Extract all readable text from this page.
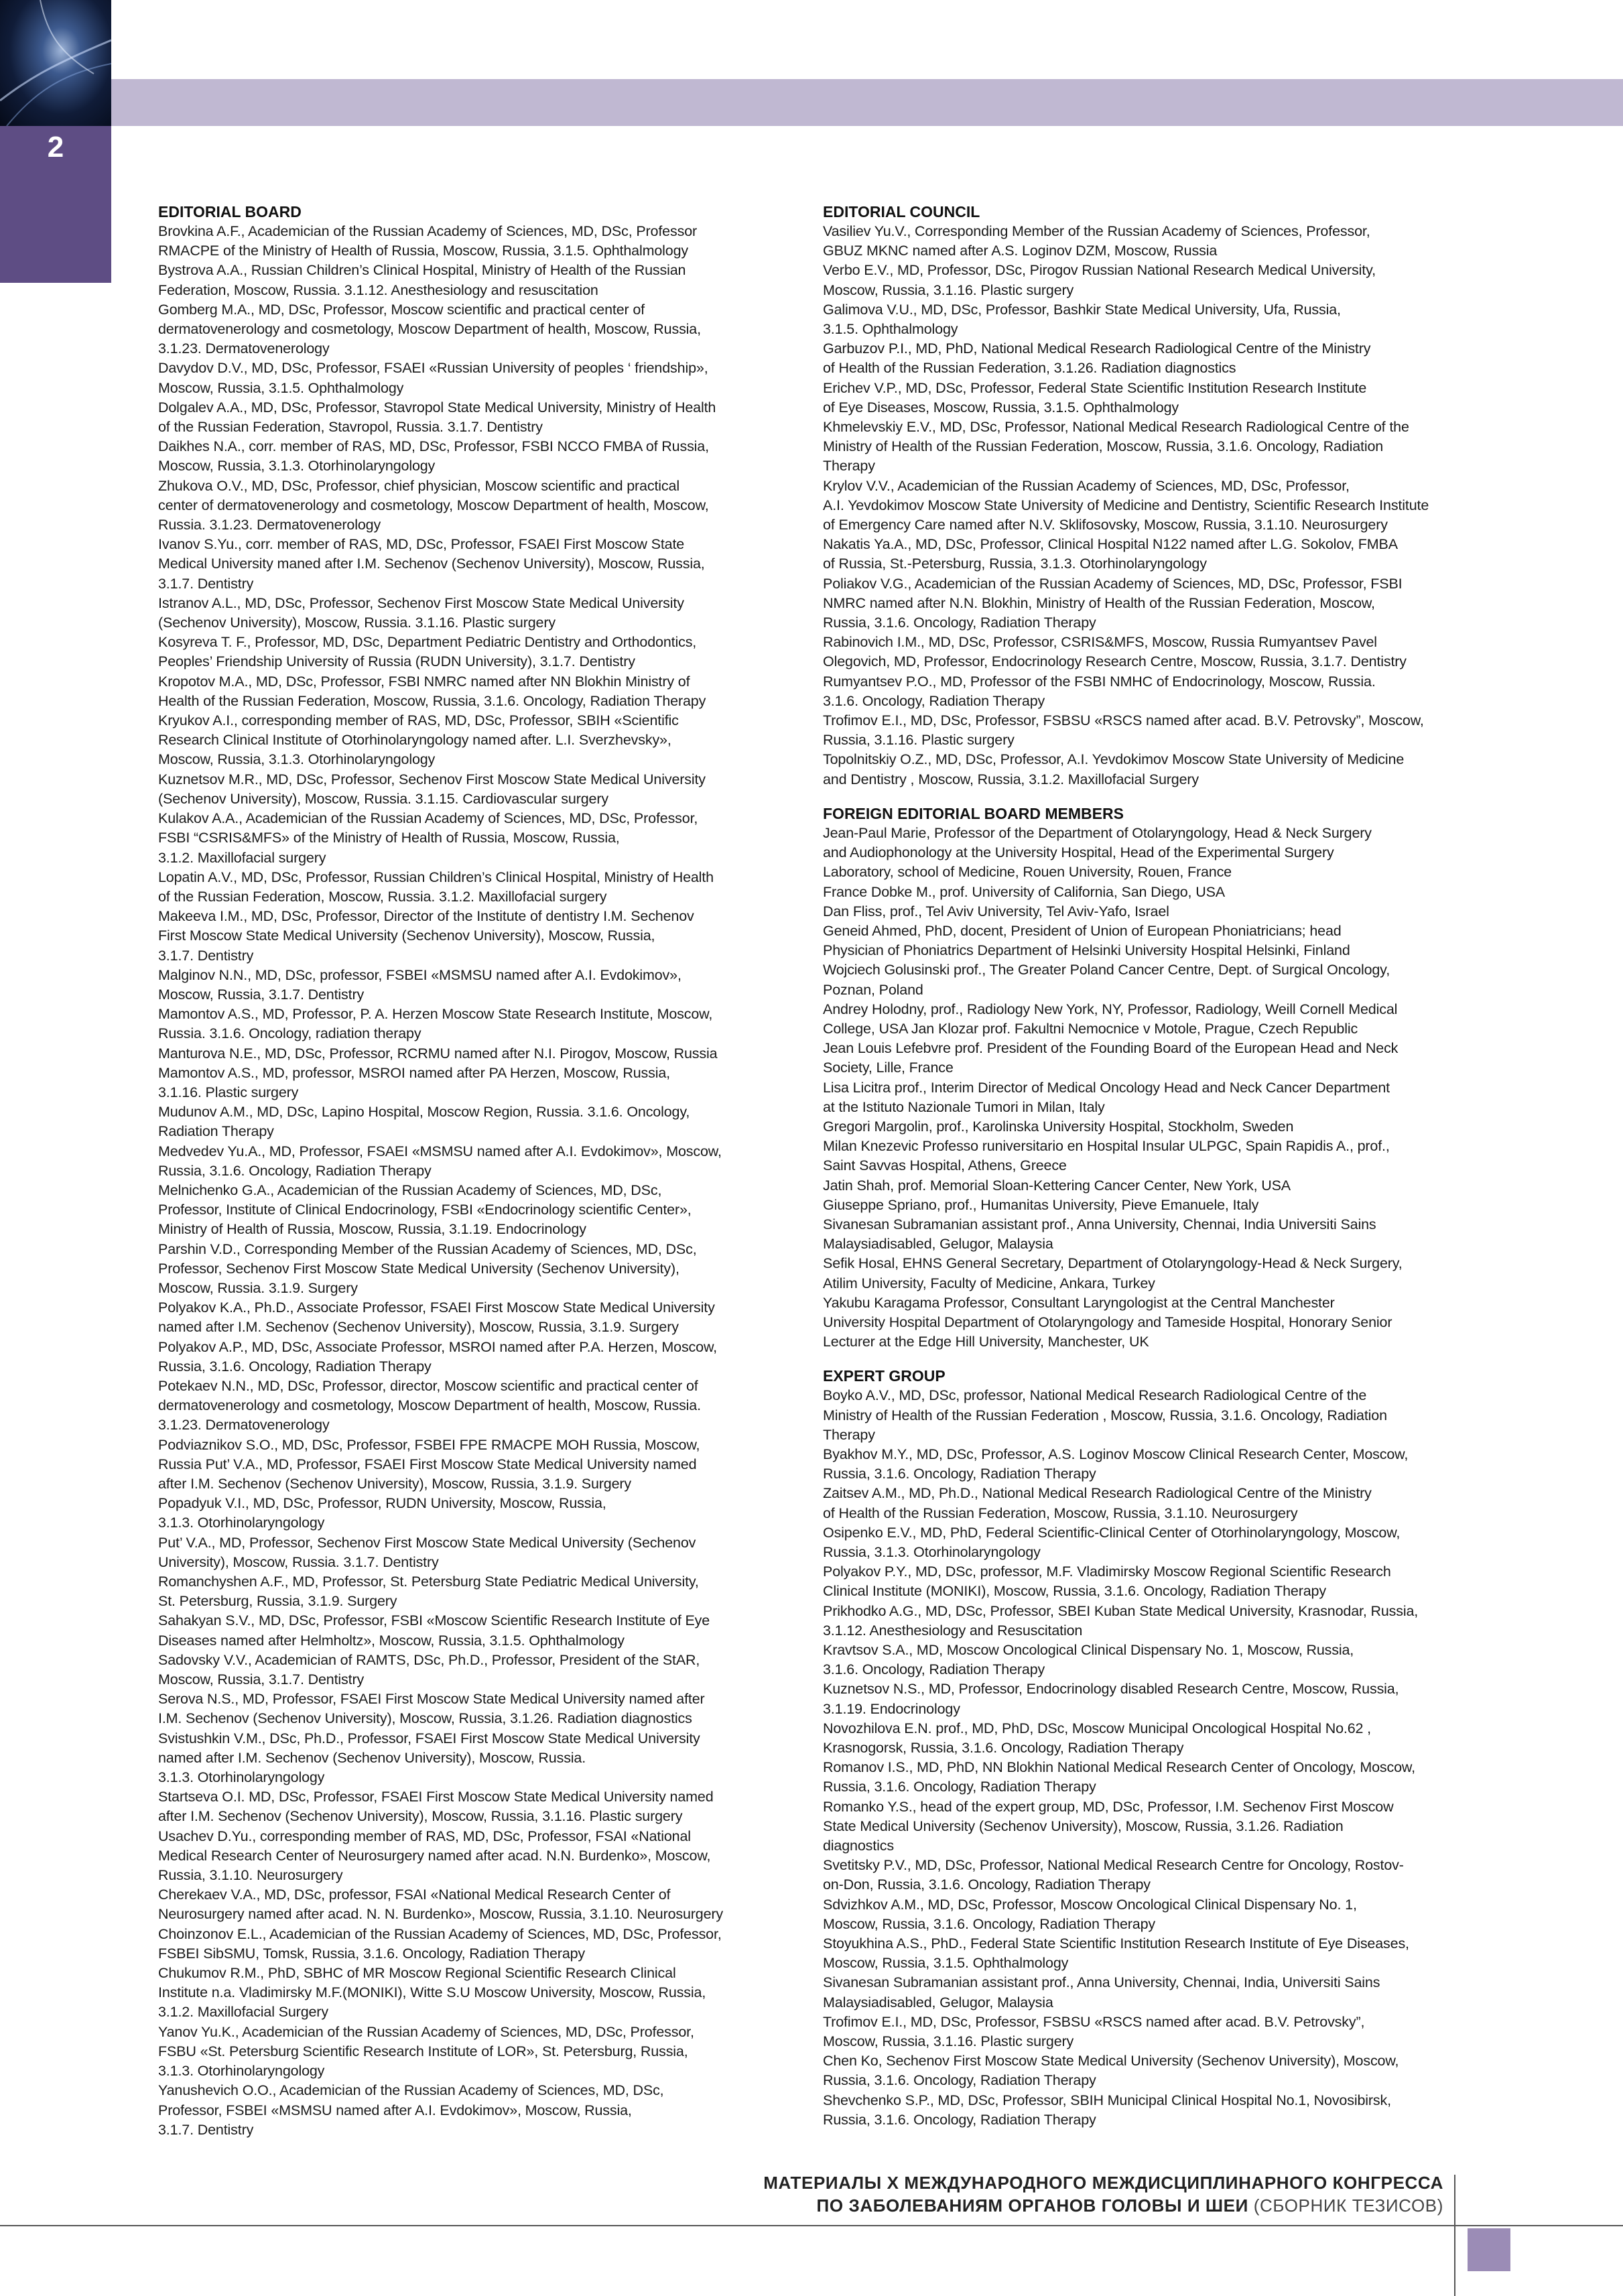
2

EDITORIAL BOARD

Brovkina A.F., Academician of the Russian Academy of Sciences, MD, DSc, Professor
RMACPE of the Ministry of Health of Russia, Moscow, Russia, 3.1.5. Ophthalmology

Bystrova A.A., Russian Children’s Clinical Hospital, Ministry of Health of the Russian
Federation, Moscow, Russia. 3.1.12. Anesthesiology and resuscitation

Gomberg M.A., MD, DSc, Professor, Moscow scientific and practical center of
dermatovenerology and cosmetology, Moscow Department of health, Moscow, Russia,
3.1.23. Dermatovenerology

Davydov D.V., MD, DSc, Professor, FSAEI «Russian University of peoples ‘ friendship»,
Moscow, Russia, 3.1.5. Ophthalmology

Dolgalev A.A., MD, DSc, Professor, Stavropol State Medical University, Ministry of Health
of the Russian Federation, Stavropol, Russia. 3.1.7. Dentistry

Daikhes N.A., corr. member of RAS, MD, DSc, Professor, FSBI NCCO FMBA of Russia,
Moscow, Russia, 3.1.3. Otorhinolaryngology

Zhukova O.V., MD, DSc, Professor, chief physician, Moscow scientific and practical
center of dermatovenerology and cosmetology, Moscow Department of health, Moscow,
Russia. 3.1.23. Dermatovenerology

Ivanov S.Yu., corr. member of RAS, MD, DSc, Professor, FSAEI First Moscow State
Medical University maned after I.M. Sechenov (Sechenov University), Moscow, Russia,
3.1.7. Dentistry

Istranov A.L., MD, DSc, Professor, Sechenov First Moscow State Medical University
(Sechenov University), Moscow, Russia. 3.1.16. Plastic surgery

Kosyreva T. F., Professor, MD, DSc, Department Pediatric Dentistry and Orthodontics,
Peoples’ Friendship University of Russia (RUDN University), 3.1.7. Dentistry

Kropotov M.A., MD, DSc, Professor, FSBI NMRC named after NN Blokhin Ministry of
Health of the Russian Federation, Moscow, Russia, 3.1.6. Oncology, Radiation Therapy

Kryukov A.I., corresponding member of RAS, MD, DSc, Professor, SBIH «Scientific
Research Clinical Institute of Otorhinolaryngology named after. L.I. Sverzhevsky»,
Moscow, Russia, 3.1.3. Otorhinolaryngology

Kuznetsov M.R., MD, DSc, Professor, Sechenov First Moscow State Medical University
(Sechenov University), Moscow, Russia. 3.1.15. Cardiovascular surgery

Kulakov A.A., Academician of the Russian Academy of Sciences, MD, DSc, Professor,
FSBI “CSRIS&MFS» of the Ministry of Health of Russia, Moscow, Russia,
3.1.2. Maxillofacial surgery

Lopatin A.V., MD, DSc, Professor, Russian Children’s Clinical Hospital, Ministry of Health
of the Russian Federation, Moscow, Russia. 3.1.2. Maxillofacial surgery

Makeeva I.M., MD, DSc, Professor, Director of the Institute of dentistry I.M. Sechenov
First Moscow State Medical University (Sechenov University), Moscow, Russia,
3.1.7. Dentistry

Malginov N.N., MD, DSc, professor, FSBEI «MSMSU named after A.I. Evdokimov»,
Moscow, Russia, 3.1.7. Dentistry

Mamontov A.S., MD, Professor, P. A. Herzen Moscow State Research Institute, Moscow,
Russia. 3.1.6. Oncology, radiation therapy

Manturova N.E., MD, DSc, Professor, RCRMU named after N.I. Pirogov, Moscow, Russia

Mamontov A.S., MD, professor, MSROI named after PA Herzen, Moscow, Russia,
3.1.16. Plastic surgery

Mudunov A.M., MD, DSc, Lapino Hospital, Moscow Region, Russia. 3.1.6. Oncology,
Radiation Therapy

Medvedev Yu.A., MD, Professor, FSAEI «MSMSU named after A.I. Evdokimov», Moscow,
Russia, 3.1.6. Oncology, Radiation Therapy

Melnichenko G.A., Academician of the Russian Academy of Sciences, MD, DSc,
Professor, Institute of Clinical Endocrinology, FSBI «Endocrinology scientific Center»,
Ministry of Health of Russia, Moscow, Russia, 3.1.19. Endocrinology

Parshin V.D., Corresponding Member of the Russian Academy of Sciences, MD, DSc,
Professor, Sechenov First Moscow State Medical University (Sechenov University),
Moscow, Russia. 3.1.9. Surgery

Polyakov K.A., Ph.D., Associate Professor, FSAEI First Moscow State Medical University
named after I.M. Sechenov (Sechenov University), Moscow, Russia, 3.1.9. Surgery

Polyakov A.P., MD, DSc, Associate Professor, MSROI named after P.A. Herzen, Moscow,
Russia, 3.1.6. Oncology, Radiation Therapy

Potekaev N.N., MD, DSc, Professor, director, Moscow scientific and practical center of
dermatovenerology and cosmetology, Moscow Department of health, Moscow, Russia.
3.1.23. Dermatovenerology

Podviaznikov S.O., MD, DSc, Professor, FSBEI FPE RMACPE MOH Russia, Moscow,
Russia Put’ V.A., MD, Professor, FSAEI First Moscow State Medical University named
after I.M. Sechenov (Sechenov University), Moscow, Russia, 3.1.9. Surgery

Popadyuk V.I., MD, DSc, Professor, RUDN University, Moscow, Russia,
3.1.3. Otorhinolaryngology

Put’ V.A., MD, Professor, Sechenov First Moscow State Medical University (Sechenov
University), Moscow, Russia. 3.1.7. Dentistry

Romanchyshen A.F., MD, Professor, St. Petersburg State Pediatric Medical University,
St. Petersburg, Russia, 3.1.9. Surgery

Sahakyan S.V., MD, DSc, Professor, FSBI «Moscow Scientific Research Institute of Eye
Diseases named after Helmholtz», Moscow, Russia, 3.1.5. Ophthalmology

Sadovsky V.V., Academician of RAMTS, DSc, Ph.D., Professor, President of the StAR,
Moscow, Russia, 3.1.7. Dentistry

Serova N.S., MD, Professor, FSAEI First Moscow State Medical University named after
I.M. Sechenov (Sechenov University), Moscow, Russia, 3.1.26. Radiation diagnostics

Svistushkin V.M., DSc, Ph.D., Professor, FSAEI First Moscow State Medical University
named after I.M. Sechenov (Sechenov University), Moscow, Russia.
3.1.3. Otorhinolaryngology

Startseva O.I. MD, DSc, Professor, FSAEI First Moscow State Medical University named
after I.M. Sechenov (Sechenov University), Moscow, Russia, 3.1.16. Plastic surgery

Usachev D.Yu., corresponding member of RAS, MD, DSc, Professor, FSAI «National
Medical Research Center of Neurosurgery named after acad. N.N. Burdenko», Moscow,
Russia, 3.1.10. Neurosurgery

Cherekaev V.A., MD, DSc, professor, FSAI «National Medical Research Center of
Neurosurgery named after acad. N. N. Burdenko», Moscow, Russia, 3.1.10. Neurosurgery

Choinzonov E.L., Academician of the Russian Academy of Sciences, MD, DSc, Professor,
FSBEI SibSMU, Tomsk, Russia, 3.1.6. Oncology, Radiation Therapy

Chukumov R.M., PhD, SBHC of MR Moscow Regional Scientific Research Clinical
Institute n.a. Vladimirsky M.F.(MONIKI), Witte S.U Moscow University, Moscow, Russia,
3.1.2. Maxillofacial Surgery

Yanov Yu.K., Academician of the Russian Academy of Sciences, MD, DSc, Professor,
FSBU «St. Petersburg Scientific Research Institute of LOR», St. Petersburg, Russia,
3.1.3. Otorhinolaryngology

Yanushevich O.O., Academician of the Russian Academy of Sciences, MD, DSc,
Professor, FSBEI «MSMSU named after A.I. Evdokimov», Moscow, Russia,
3.1.7. Dentistry

EDITORIAL COUNCIL

Vasiliev Yu.V., Corresponding Member of the Russian Academy of Sciences, Professor,
GBUZ MKNC named after A.S. Loginov DZM, Moscow, Russia

Verbo E.V., MD, Professor, DSc, Pirogov Russian National Research Medical University,
Moscow, Russia, 3.1.16. Plastic surgery

Galimova V.U., MD, DSc, Professor, Bashkir State Medical University, Ufa, Russia,
3.1.5. Ophthalmology

Garbuzov P.I., MD, PhD, National Medical Research Radiological Centre of the Ministry
of Health of the Russian Federation, 3.1.26. Radiation diagnostics

Erichev V.P., MD, DSc, Professor, Federal State Scientific Institution Research Institute
of Eye Diseases, Moscow, Russia, 3.1.5. Ophthalmology

Khmelevskiy E.V., MD, DSc, Professor, National Medical Research Radiological Centre of the
Ministry of Health of the Russian Federation, Moscow, Russia, 3.1.6. Oncology, Radiation
Therapy

Krylov V.V., Academician of the Russian Academy of Sciences, MD, DSc, Professor,
A.I. Yevdokimov Moscow State University of Medicine and Dentistry, Scientific Research Institute
of Emergency Care named after N.V. Sklifosovsky, Moscow, Russia, 3.1.10. Neurosurgery

Nakatis Ya.A., MD, DSc, Professor, Clinical Hospital N122 named after L.G. Sokolov, FMBA
of Russia, St.-Petersburg, Russia, 3.1.3. Otorhinolaryngology

Poliakov V.G., Academician of the Russian Academy of Sciences, MD, DSc, Professor, FSBI
NMRC named after N.N. Blokhin, Ministry of Health of the Russian Federation, Moscow,
Russia, 3.1.6. Oncology, Radiation Therapy

Rabinovich I.M., MD, DSc, Professor, CSRIS&MFS, Moscow, Russia Rumyantsev Pavel
Olegovich, MD, Professor, Endocrinology Research Centre, Moscow, Russia, 3.1.7. Dentistry

Rumyantsev P.O., MD, Professor of the FSBI NMHC of Endocrinology, Moscow, Russia.
3.1.6. Oncology, Radiation Therapy

Trofimov E.I., MD, DSc, Professor, FSBSU «RSCS named after acad. B.V. Petrovsky”, Moscow,
Russia, 3.1.16. Plastic surgery

Topolnitskiy O.Z., MD, DSc, Professor, A.I. Yevdokimov Moscow State University of Medicine
and Dentistry , Moscow, Russia, 3.1.2. Maxillofacial Surgery

FOREIGN EDITORIAL BOARD MEMBERS

Jean-Paul Marie, Professor of the Department of Otolaryngology, Head & Neck Surgery
and Audiophonology at the University Hospital, Head of the Experimental Surgery
Laboratory, school of Medicine, Rouen University, Rouen, France

France Dobke M., prof. University of California, San Diego, USA

Dan Fliss, prof., Tel Aviv University, Tel Aviv-Yafo, Israel

Geneid Ahmed, PhD, docent, President of Union of European Phoniatricians; head
Physician of Phoniatrics Department of Helsinki University Hospital Helsinki, Finland

Wojciech Golusinski prof., The Greater Poland Cancer Centre, Dept. of Surgical Oncology,
Poznan, Poland

Andrey Holodny, prof., Radiology New York, NY, Professor, Radiology, Weill Cornell Medical
College, USA Jan Klozar prof. Fakultni Nemocnice v Motole, Prague, Czech Republic

Jean Louis Lefebvre prof. President of the Founding Board of the European Head and Neck
Society, Lille, France

Lisa Licitra prof., Interim Director of Medical Oncology Head and Neck Cancer Department
at the Istituto Nazionale Tumori in Milan, Italy

Gregori Margolin, prof., Karolinska University Hospital, Stockholm, Sweden

Milan Knezevic Professo runiversitario en Hospital Insular ULPGC, Spain Rapidis A., prof.,
Saint Savvas Hospital, Athens, Greece

Jatin Shah, prof. Memorial Sloan-Kettering Cancer Center, New York, USA

Giuseppe Spriano, prof., Humanitas University, Pieve Emanuele, Italy

Sivanesan Subramanian assistant prof., Anna University, Chennai, India Universiti Sains
Malaysiadisabled, Gelugor, Malaysia

Sefik Hosal, EHNS General Secretary, Department of Otolaryngology-Head & Neck Surgery,
Atilim University, Faculty of Medicine, Ankara, Turkey

Yakubu Karagama Professor, Consultant Laryngologist at the Central Manchester
University Hospital Department of Otolaryngology and Tameside Hospital, Honorary Senior
Lecturer at the Edge Hill University, Manchester, UK

EXPERT GROUP

Boyko A.V., MD, DSc, professor, National Medical Research Radiological Centre of the
Ministry of Health of the Russian Federation , Moscow, Russia, 3.1.6. Oncology, Radiation
Therapy

Byakhov M.Y., MD, DSc, Professor, A.S. Loginov Moscow Clinical Research Center, Moscow,
Russia, 3.1.6. Oncology, Radiation Therapy

Zaitsev A.M., MD, Ph.D., National Medical Research Radiological Centre of the Ministry
of Health of the Russian Federation, Moscow, Russia, 3.1.10. Neurosurgery

Osipenko E.V., MD, PhD, Federal Scientific-Clinical Center of Otorhinolaryngology, Moscow,
Russia, 3.1.3. Otorhinolaryngology

Polyakov P.Y., MD, DSc, professor, M.F. Vladimirsky Moscow Regional Scientific Research
Clinical Institute (MONIKI), Moscow, Russia, 3.1.6. Oncology, Radiation Therapy

Prikhodko A.G., MD, DSc, Professor, SBEI Kuban State Medical University, Krasnodar, Russia,
3.1.12. Anesthesiology and Resuscitation

Kravtsov S.A., MD, Moscow Oncological Clinical Dispensary No. 1, Moscow, Russia,
3.1.6. Oncology, Radiation Therapy

Kuznetsov N.S., MD, Professor, Endocrinology disabled Research Centre, Moscow, Russia,
3.1.19. Endocrinology

Novozhilova E.N. prof., MD, PhD, DSc, Moscow Municipal Oncological Hospital No.62 ,
Krasnogorsk, Russia, 3.1.6. Oncology, Radiation Therapy

Romanov I.S., MD, PhD, NN Blokhin National Medical Research Center of Oncology, Moscow,
Russia, 3.1.6. Oncology, Radiation Therapy

Romanko Y.S., head of the expert group, MD, DSc, Professor, I.M. Sechenov First Moscow
State Medical University (Sechenov University), Moscow, Russia, 3.1.26. Radiation
diagnostics

Svetitsky P.V., MD, DSc, Professor, National Medical Research Centre for Oncology, Rostov-
on-Don, Russia, 3.1.6. Oncology, Radiation Therapy

Sdvizhkov A.M., MD, DSc, Professor, Moscow Oncological Clinical Dispensary No. 1,
Moscow, Russia, 3.1.6. Oncology, Radiation Therapy

Stoyukhina A.S., PhD., Federal State Scientific Institution Research Institute of Eye Diseases,
Moscow, Russia, 3.1.5. Ophthalmology

Sivanesan Subramanian assistant prof., Anna University, Chennai, India, Universiti Sains
Malaysiadisabled, Gelugor, Malaysia

Trofimov E.I., MD, DSc, Professor, FSBSU «RSCS named after acad. B.V. Petrovsky”,
Moscow, Russia, 3.1.16. Plastic surgery

Chen Ko, Sechenov First Moscow State Medical University (Sechenov University), Moscow,
Russia, 3.1.6. Oncology, Radiation Therapy

Shevchenko S.P., MD, DSc, Professor, SBIH Municipal Clinical Hospital No.1, Novosibirsk,
Russia, 3.1.6. Oncology, Radiation Therapy

МАТЕРИАЛЫ X МЕЖДУНАРОДНОГО МЕЖДИСЦИПЛИНАРНОГО КОНГРЕССА
ПО ЗАБОЛЕВАНИЯМ ОРГАНОВ ГОЛОВЫ И ШЕИ (СБОРНИК ТЕЗИСОВ)
